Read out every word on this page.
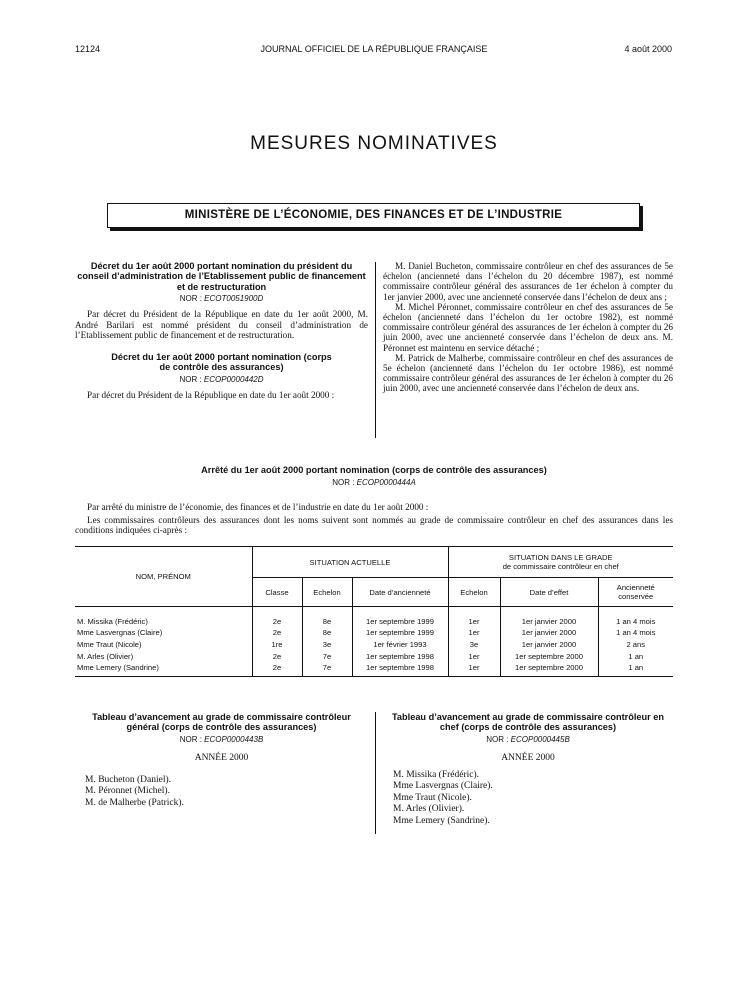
12124	JOURNAL OFFICIEL DE LA RÉPUBLIQUE FRANÇAISE	4 août 2000
MESURES NOMINATIVES
MINISTÈRE DE L’ÉCONOMIE, DES FINANCES ET DE L’INDUSTRIE
Décret du 1er août 2000 portant nomination du président du conseil d’administration de l’Etablissement public de financement et de restructuration
NOR : ECOT0051900D

Par décret du Président de la République en date du 1er août 2000, M. André Barilari est nommé président du conseil d’administration de l’Etablissement public de financement et de restructuration.

Décret du 1er août 2000 portant nomination (corps de contrôle des assurances)
NOR : ECOP0000442D

Par décret du Président de la République en date du 1er août 2000 :

M. Daniel Bucheton, commissaire contrôleur en chef des assurances de 5e échelon (ancienneté dans l’échelon du 20 décembre 1987), est nommé commissaire contrôleur général des assurances de 1er échelon à compter du 1er janvier 2000, avec une ancienneté conservée dans l’échelon de deux ans ;

M. Michel Péronnet, commissaire contrôleur en chef des assurances de 5e échelon (ancienneté dans l’échelon du 1er octobre 1982), est nommé commissaire contrôleur général des assurances de 1er échelon à compter du 26 juin 2000, avec une ancienneté conservée dans l’échelon de deux ans. M. Péronnet est maintenu en service détaché ;

M. Patrick de Malherbe, commissaire contrôleur en chef des assurances de 5e échelon (ancienneté dans l’échelon du 1er octobre 1986), est nommé commissaire contrôleur général des assurances de 1er échelon à compter du 26 juin 2000, avec une ancienneté conservée dans l’échelon de deux ans.

Arrêté du 1er août 2000 portant nomination (corps de contrôle des assurances)
NOR : ECOP0000444A

Par arrêté du ministre de l’économie, des finances et de l’industrie en date du 1er août 2000 :

Les commissaires contrôleurs des assurances dont les noms suivent sont nommés au grade de commissaire contrôleur en chef des assurances dans les conditions indiquées ci-après :

NOM, PRÉNOM	SITUATION ACTUELLE			SITUATION DANS LE GRADE
de commissaire contrôleur en chef		

	Classe	Echelon	Date d’ancienneté	Echelon	Date d’effet	Ancienneté
conservée

M. Missika (Frédéric)	2e	8e	1er septembre 1999	1er	1er janvier 2000	1 an 4 mois
Mme Lasvergnas (Claire)	2e	8e	1er septembre 1999	1er	1er janvier 2000	1 an 4 mois
Mme Traut (Nicole)	1re	3e	1er février 1993	3e	1er janvier 2000	2 ans
M. Arles (Olivier)	2e	7e	1er septembre 1998	1er	1er septembre 2000	1 an
Mme Lemery (Sandrine)	2e	7e	1er septembre 1998	1er	1er septembre 2000	1 an

Tableau d’avancement au grade de commissaire contrôleur général (corps de contrôle des assurances)
NOR : ECOP0000443B
ANNÉE 2000
M. Bucheton (Daniel).
M. Péronnet (Michel).
M. de Malherbe (Patrick).
Tableau d’avancement au grade de commissaire contrôleur en chef (corps de contrôle des assurances)
NOR : ECOP0000445B
ANNÉE 2000
M. Missika (Frédéric).
Mme Lasvergnas (Claire).
Mme Traut (Nicole).
M. Arles (Olivier).
Mme Lemery (Sandrine).
